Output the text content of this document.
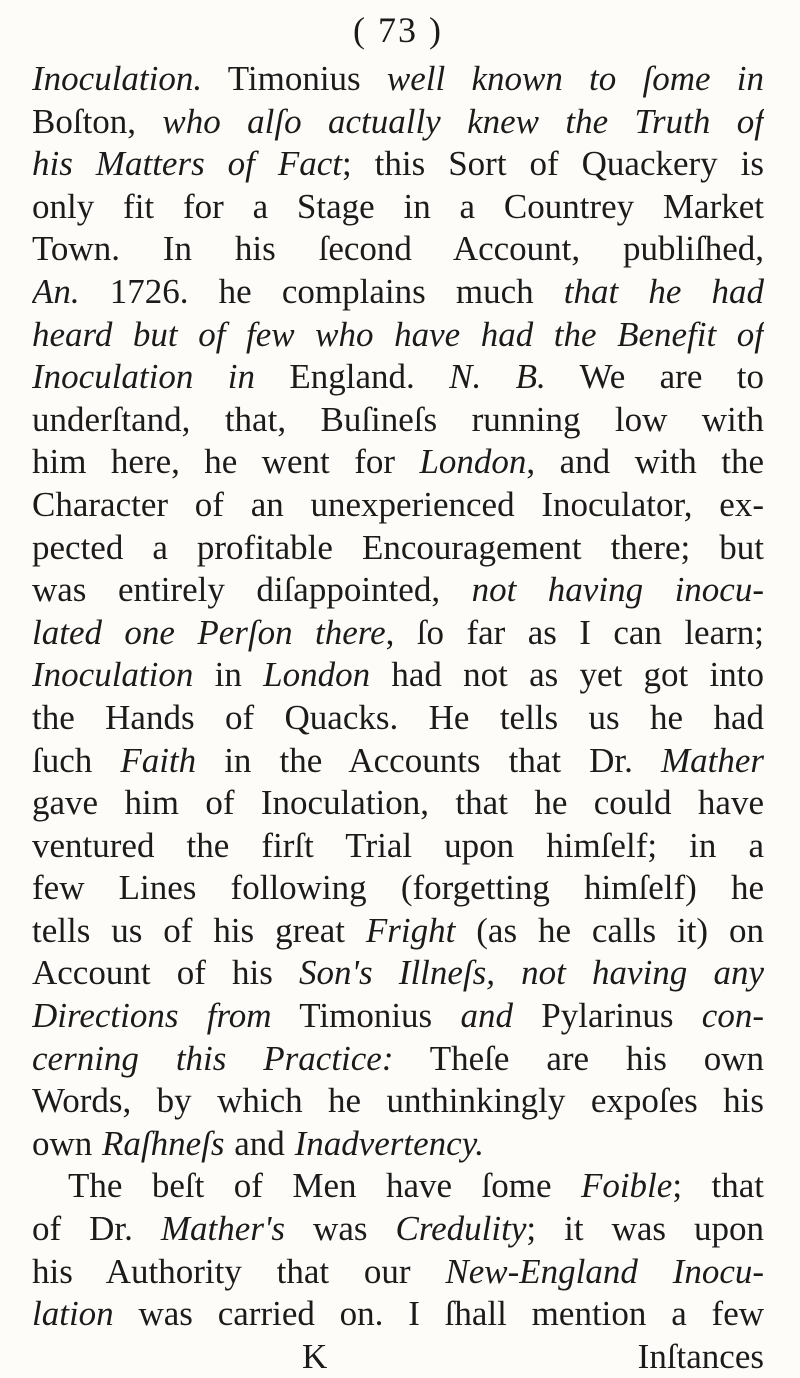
( 73 )
Inoculation. Timonius well known to ſome in
Boſton, who alſo actually knew the Truth of
his Matters of Fact; this Sort of Quackery is
only fit for a Stage in a Countrey Market
Town. In his ſecond Account, publiſhed,
An. 1726. he complains much that he had
heard but of few who have had the Benefit of
Inoculation in England. N. B. We are to
underſtand, that, Buſineſs running low with
him here, he went for London, and with the
Character of an unexperienced Inoculator, ex-
pected a profitable Encouragement there; but
was entirely diſappointed, not having inocu-
lated one Perſon there, ſo far as I can learn;
Inoculation in London had not as yet got into
the Hands of Quacks. He tells us he had
ſuch Faith in the Accounts that Dr. Mather
gave him of Inoculation, that he could have
ventured the firſt Trial upon himſelf; in a
few Lines following (forgetting himſelf) he
tells us of his great Fright (as he calls it) on
Account of his Son's Illneſs, not having any
Directions from Timonius and Pylarinus con-
cerning this Practice: Theſe are his own
Words, by which he unthinkingly expoſes his
own Raſhneſs and Inadvertency.
The beſt of Men have ſome Foible; that
of Dr. Mather's was Credulity; it was upon
his Authority that our New-England Inocu-
lation was carried on. I ſhall mention a few
K	Inſtances
